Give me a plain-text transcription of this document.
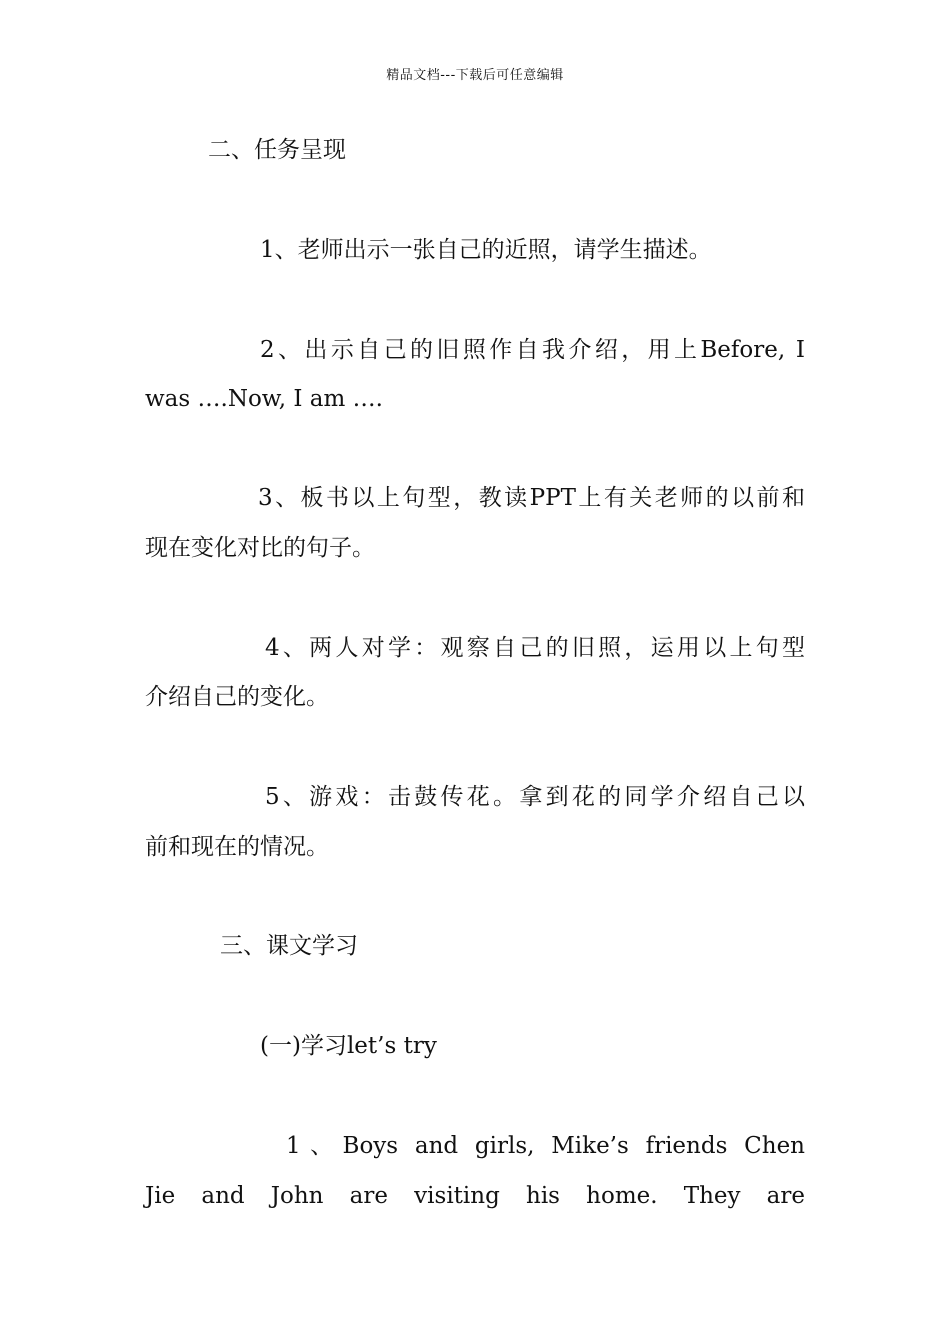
精品文档---下载后可任意编辑
二、任务呈现
1、老师出示一张自己的近照，请学生描述。
2、出示自己的旧照作自我介绍，用上Before, I
was ….Now, I am ….
3、板书以上句型，教读PPT上有关老师的以前和
现在变化对比的句子。
4、两人对学：观察自己的旧照，运用以上句型
介绍自己的变化。
5、游戏：击鼓传花。拿到花的同学介绍自己以
前和现在的情况。
三、课文学习
(一)学习let’s try
1、Boys and girls, Mike’s friends Chen
Jie and John are visiting his home. They are
